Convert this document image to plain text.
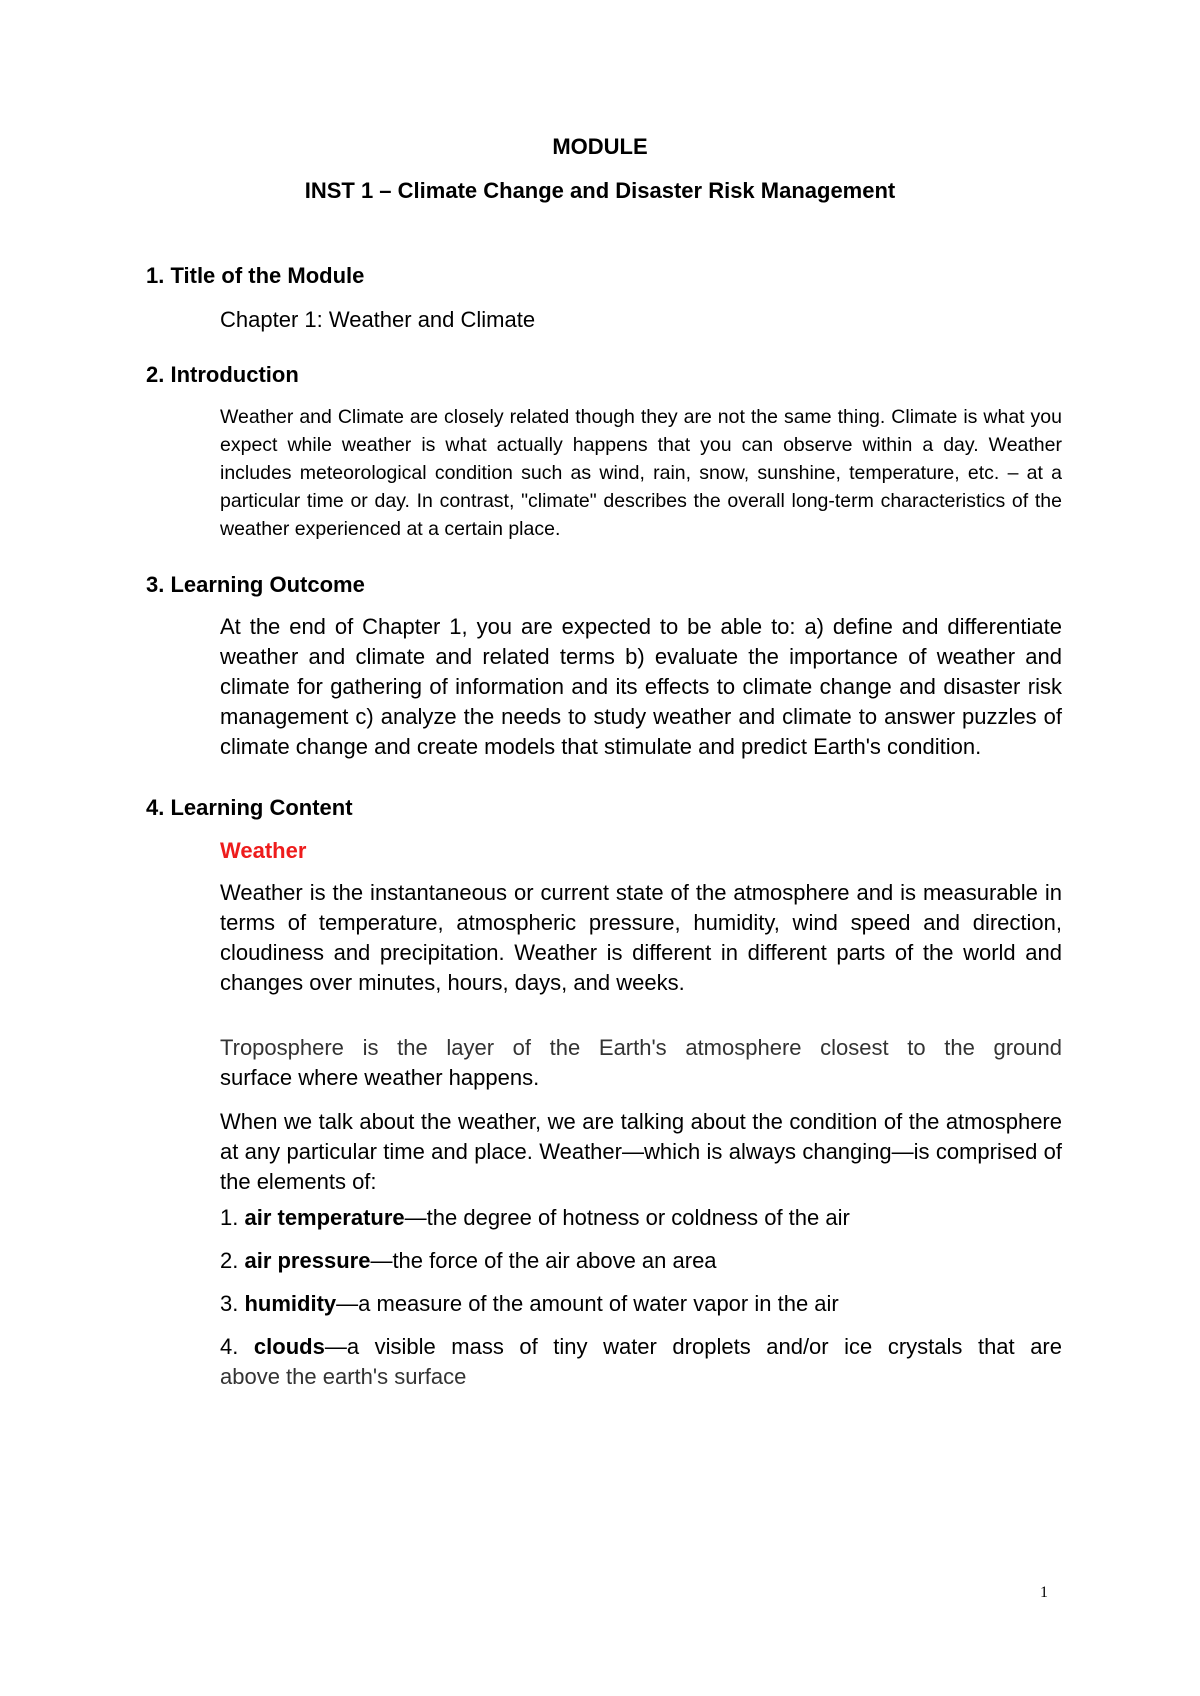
MODULE
INST 1 – Climate Change and Disaster Risk Management
1. Title of the Module
Chapter 1: Weather and Climate
2. Introduction

Weather and Climate are closely related though they are not the same thing. Climate is what you expect while weather is what actually happens that you can observe within a day. Weather includes meteorological condition such as wind, rain, snow, sunshine, temperature, etc. – at a particular time or day. In contrast, "climate" describes the overall long-term characteristics of the weather experienced at a certain place.

3. Learning Outcome

At the end of Chapter 1, you are expected to be able to: a) define and differentiate weather and climate and related terms b) evaluate the importance of weather and climate for gathering of information and its effects to climate change and disaster risk management c) analyze the needs to study weather and climate to answer puzzles of climate change and create models that stimulate and predict Earth's condition.

4. Learning Content
Weather

Weather is the instantaneous or current state of the atmosphere and is measurable in terms of temperature, atmospheric pressure, humidity, wind speed and direction, cloudiness and precipitation. Weather is different in different parts of the world and changes over minutes, hours, days, and weeks.

Troposphere is the layer of the Earth's atmosphere closest to the ground
surface where weather happens.

When we talk about the weather, we are talking about the condition of the atmosphere at any particular time and place. Weather—which is always changing—is comprised of the elements of:

1. air temperature—the degree of hotness or coldness of the air
2. air pressure—the force of the air above an area
3. humidity—a measure of the amount of water vapor in the air
4. clouds—a visible mass of tiny water droplets and/or ice crystals that are
above the earth's surface
1
